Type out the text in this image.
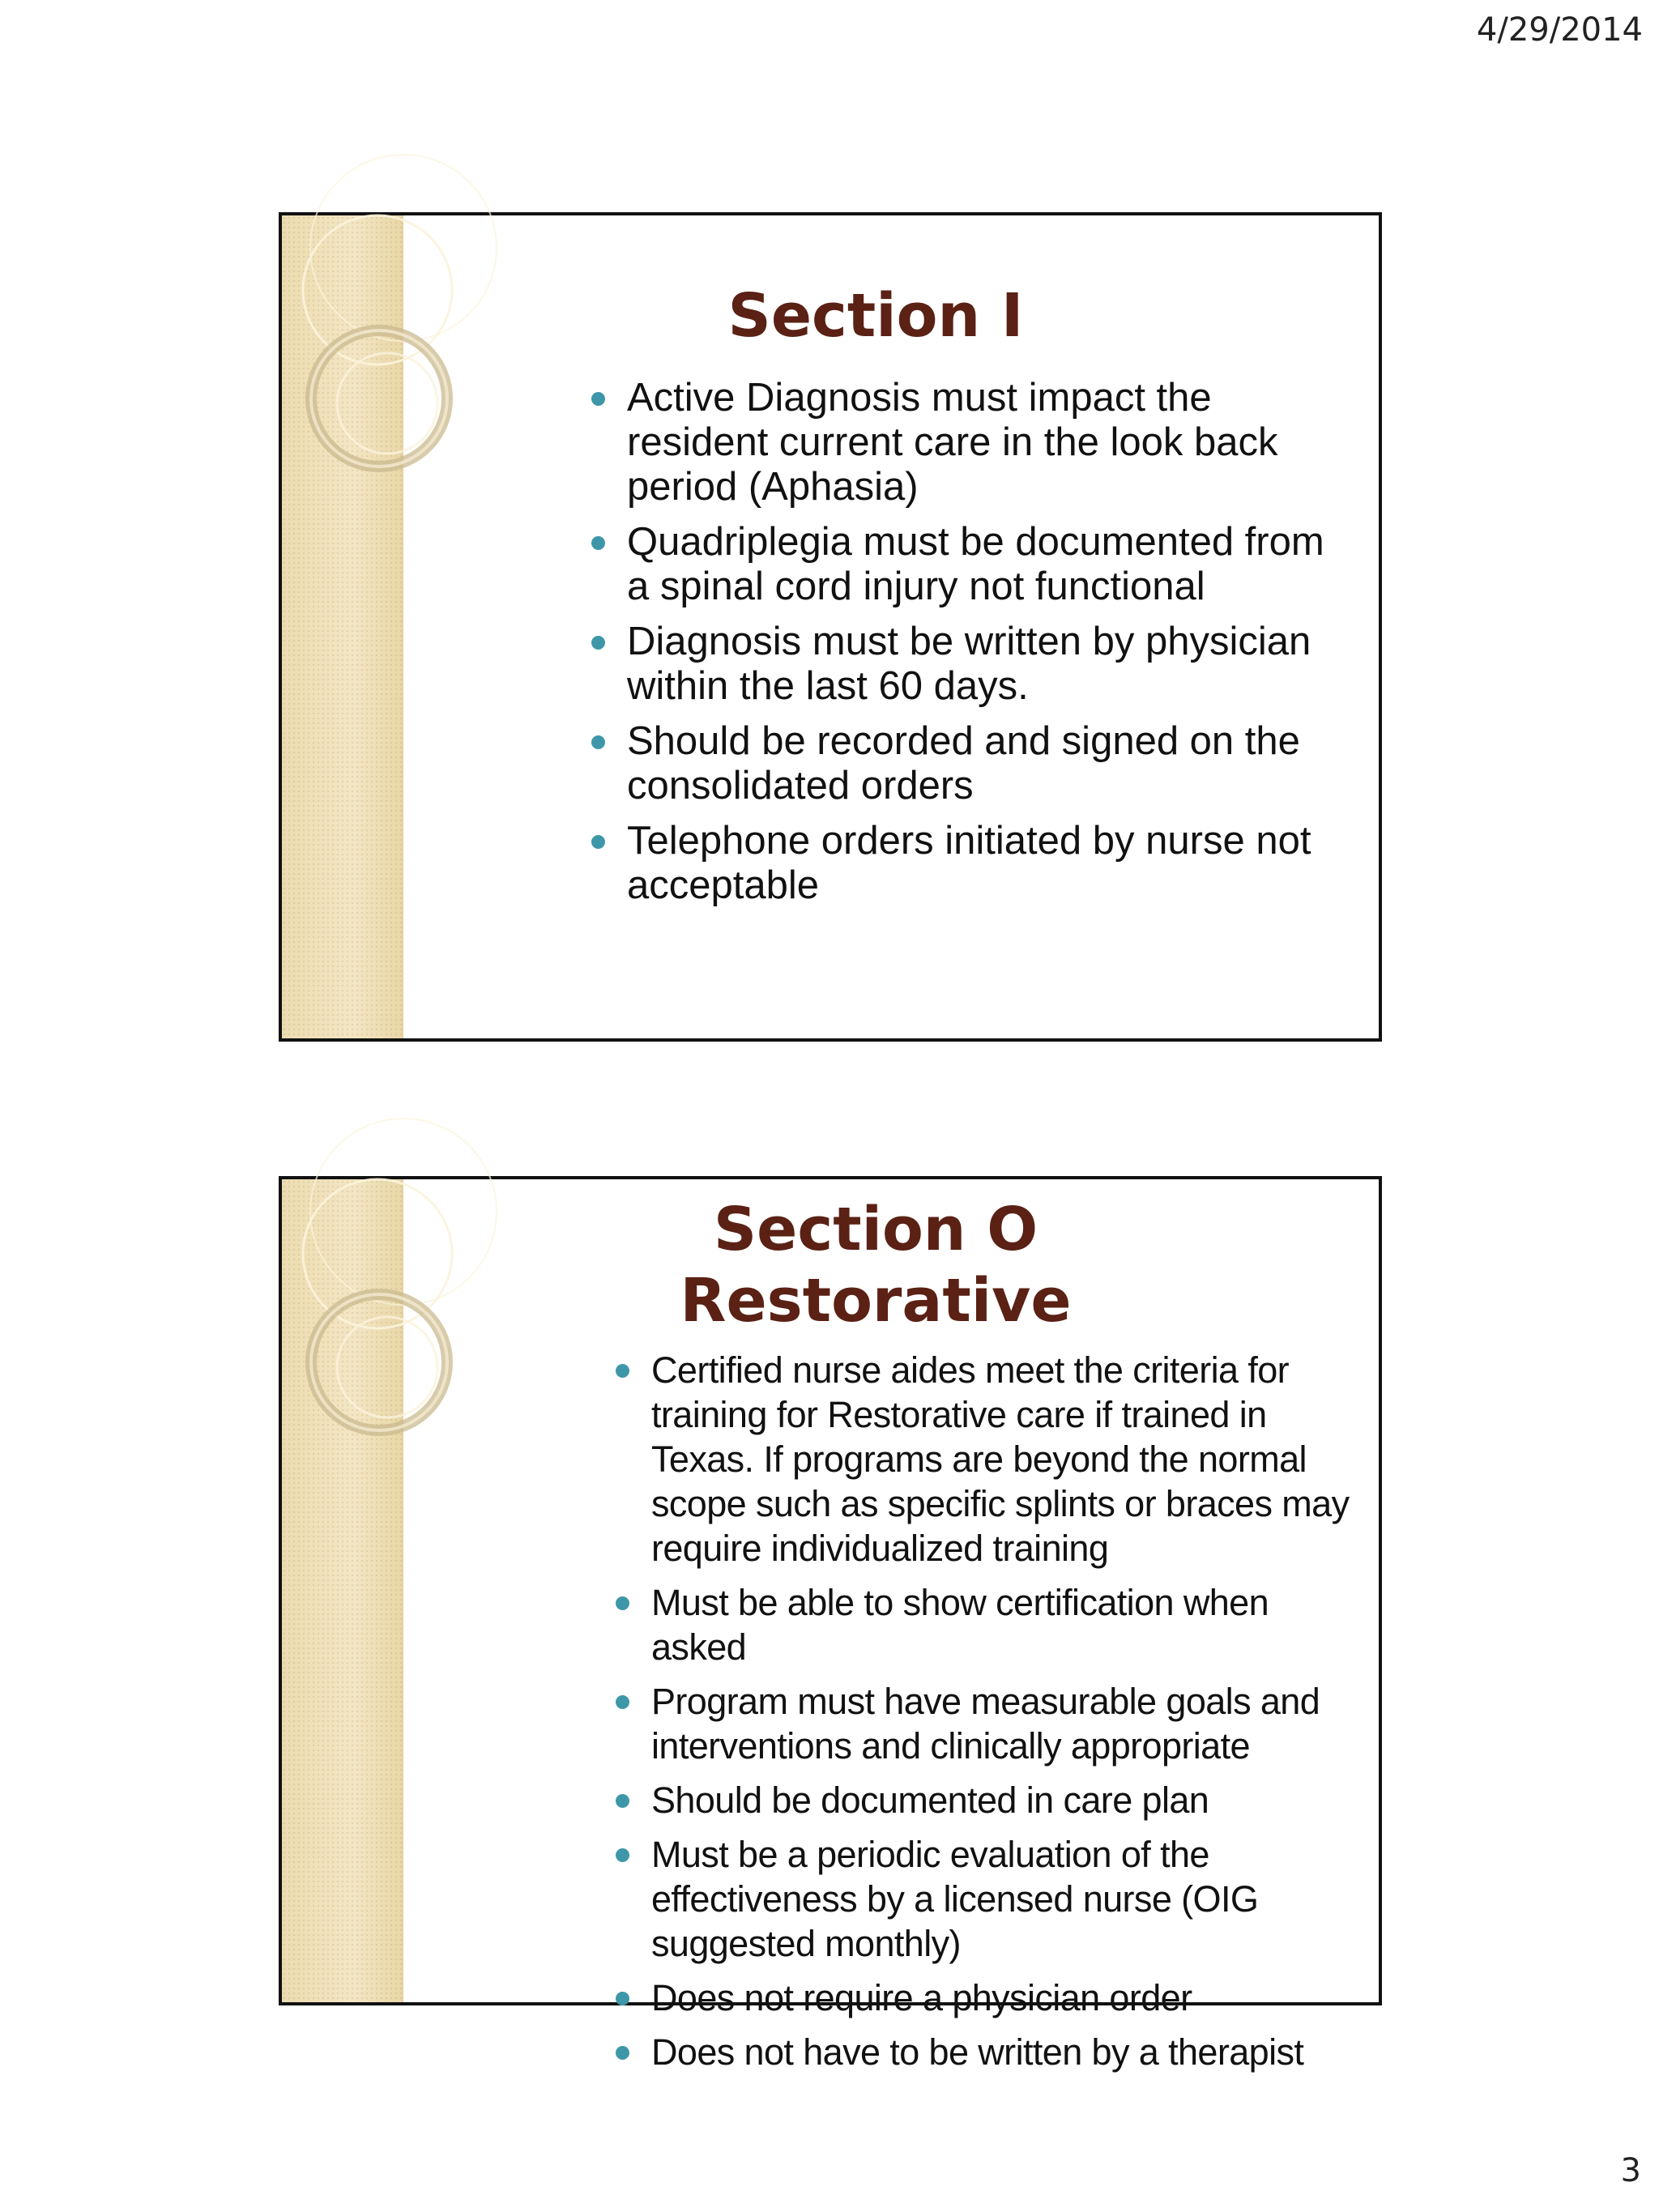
4/29/2014
Section I
Active Diagnosis must impact the resident current care in the look back period (Aphasia)
Quadriplegia must be documented from a spinal cord injury not functional
Diagnosis must be written by physician within the last 60 days.
Should be recorded and signed on the consolidated orders
Telephone orders initiated by nurse not acceptable
Section O
Restorative
Certified nurse aides meet the criteria for training for Restorative care if trained in Texas. If programs are beyond the normal scope such as specific splints or braces may require individualized training
Must be able to show certification when asked
Program must have measurable goals and interventions and clinically appropriate
Should be documented in care plan
Must be a periodic evaluation of the effectiveness by a licensed nurse (OIG suggested monthly)
Does not require a physician order
Does not have to be written by a therapist
3
